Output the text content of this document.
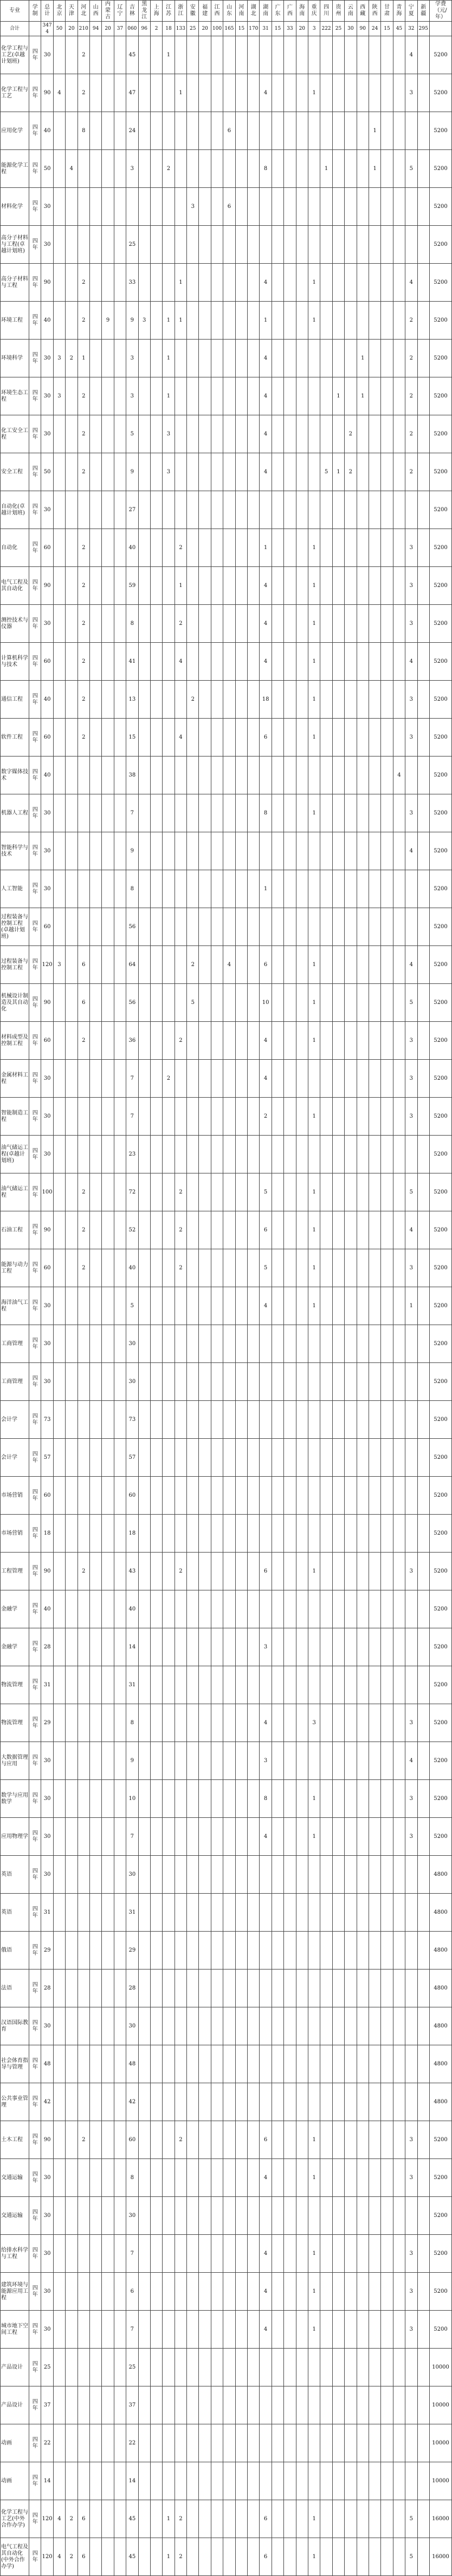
专业	学制	总计	北京	天津	河北	山西	内蒙古	辽宁	吉林	黑龙江	上海	江苏	浙江	安徽	福建	江西	山东	河南	湖北	湖南	广东	广西	海南	重庆	四川	贵州	云南	西藏	陕西	甘肃	青海	宁夏	新疆	学费（元/年）
合计		3474	50	20	210	94	20	37	060	96	2	18	133	25	20	100	165	15	170	31	15	33	20	3	222	25	30	90	24	15	45	32	295	
化学工程与工艺(卓越计划班)	四年	30			2				45			1																				4		5200
化学工程与工艺	四年	90	4		2				47				1							4				1								3		5200
应用化学	四年	40			8				24								6												1					5200
能源化学工程	四年	50		4					3			2								8					1				1			5		5200
材料化学	四年	30												3			6																	5200
高分子材料与工程(卓越计划班)	四年	30							25																									5200
高分子材料与工程	四年	90			2				33				1							4				1								4		5200
环境工程	四年	40			2		9		9	3		1	1							1				1								2		5200
环境科学	四年	30	3	2	1				3			1								4								1				2		5200
环境生态工程	四年	30	3		2				3			1								4						1		1				2		5200
化工安全工程	四年	30			2				5			3								4							2					2		5200
安全工程	四年	50			2				9			3								4					5	1	2					2		5200
自动化(卓越计划班)	四年	30							27																									5200
自动化	四年	60			2				40				2							1				1								3		5200
电气工程及其自动化	四年	90			2				59				1							4				1								3		5200
测控技术与仪器	四年	30			2				8				2							4				1								3		5200
计算机科学与技术	四年	60			2				41				4							4				1								4		5200
通信工程	四年	40			2				13					2						18				1								3		5200
软件工程	四年	60			2				15				4							6				1								3		5200
数字媒体技术	四年	40							38																						4			5200
机器人工程	四年	30							7											8				1								3		5200
智能科学与技术	四年	30							9																							4		5200
人工智能	四年	30							8											1														5200
过程装备与控制工程(卓越计划班)	四年	60							56																									5200
过程装备与控制工程	四年	120	3		6				64					2			4			6				1								4		5200
机械设计制造及其自动化	四年	90			6				56					5						10				1								5		5200
材料成型及控制工程	四年	60			2				36				2							4				1								3		5200
金属材料工程	四年	30							7			2								4												3		5200
智能制造工程	四年	30							7											2				1								3		5200
油气储运工程(卓越计划班)	四年	30							23																									5200
油气储运工程	四年	100			2				72				2							5				1								5		5200
石油工程	四年	90			2				52				2							6				1								4		5200
能源与动力工程	四年	60			2				40				2							5				1								3		5200
海洋油气工程	四年	30							5											4				1								1		5200
工商管理	四年	30							30																									5200
工商管理	四年	30							30																									5200
会计学	四年	73							73																									5200
会计学	四年	57							57																									5200
市场营销	四年	60							60																									5200
市场营销	四年	18							18																									5200
工程管理	四年	90			2				43				2							6				1								3		5200
金融学	四年	40							40																									5200
金融学	四年	28							14											3														5200
物流管理	四年	31							31																									5200
物流管理	四年	29							8											4				3								3		5200
大数据管理与应用	四年	30							9											3												4		5200
数学与应用数学	四年	30							10											8				1								3		5200
应用物理学	四年	30							7											4				1								3		5200
英语	四年	30							30																									4800
英语	四年	31							31																									4800
俄语	四年	29							29																									4800
法语	四年	28							28																									4800
汉语国际教育	四年	30							30																									4800
社会体育指导与管理	四年	48							48																									4800
公共事业管理	四年	42							42																									4800
土木工程	四年	90			2				60				2							6				1								3		5200
交通运输	四年	30							8											4				1								3		5200
交通运输	四年	30							30																									5200
给排水科学与工程	四年	30							7											4				1								3		5200
建筑环境与能源应用工程	四年	30							6											4				1								3		5200
城市地下空间工程	四年	30							7											4				1								3		5200
产品设计	四年	25							25																									10000
产品设计	四年	37							37																									10000
动画	四年	22							22																									10000
动画	四年	14							14																									10000
化学工程与工艺(中外合作办学)	四年	120	4	2	6				45			1	2							6				1								5		16000
电气工程及其自动化(中外合作办学)	四年	120	4	2	6				45			1	2							6				1								5		16000
